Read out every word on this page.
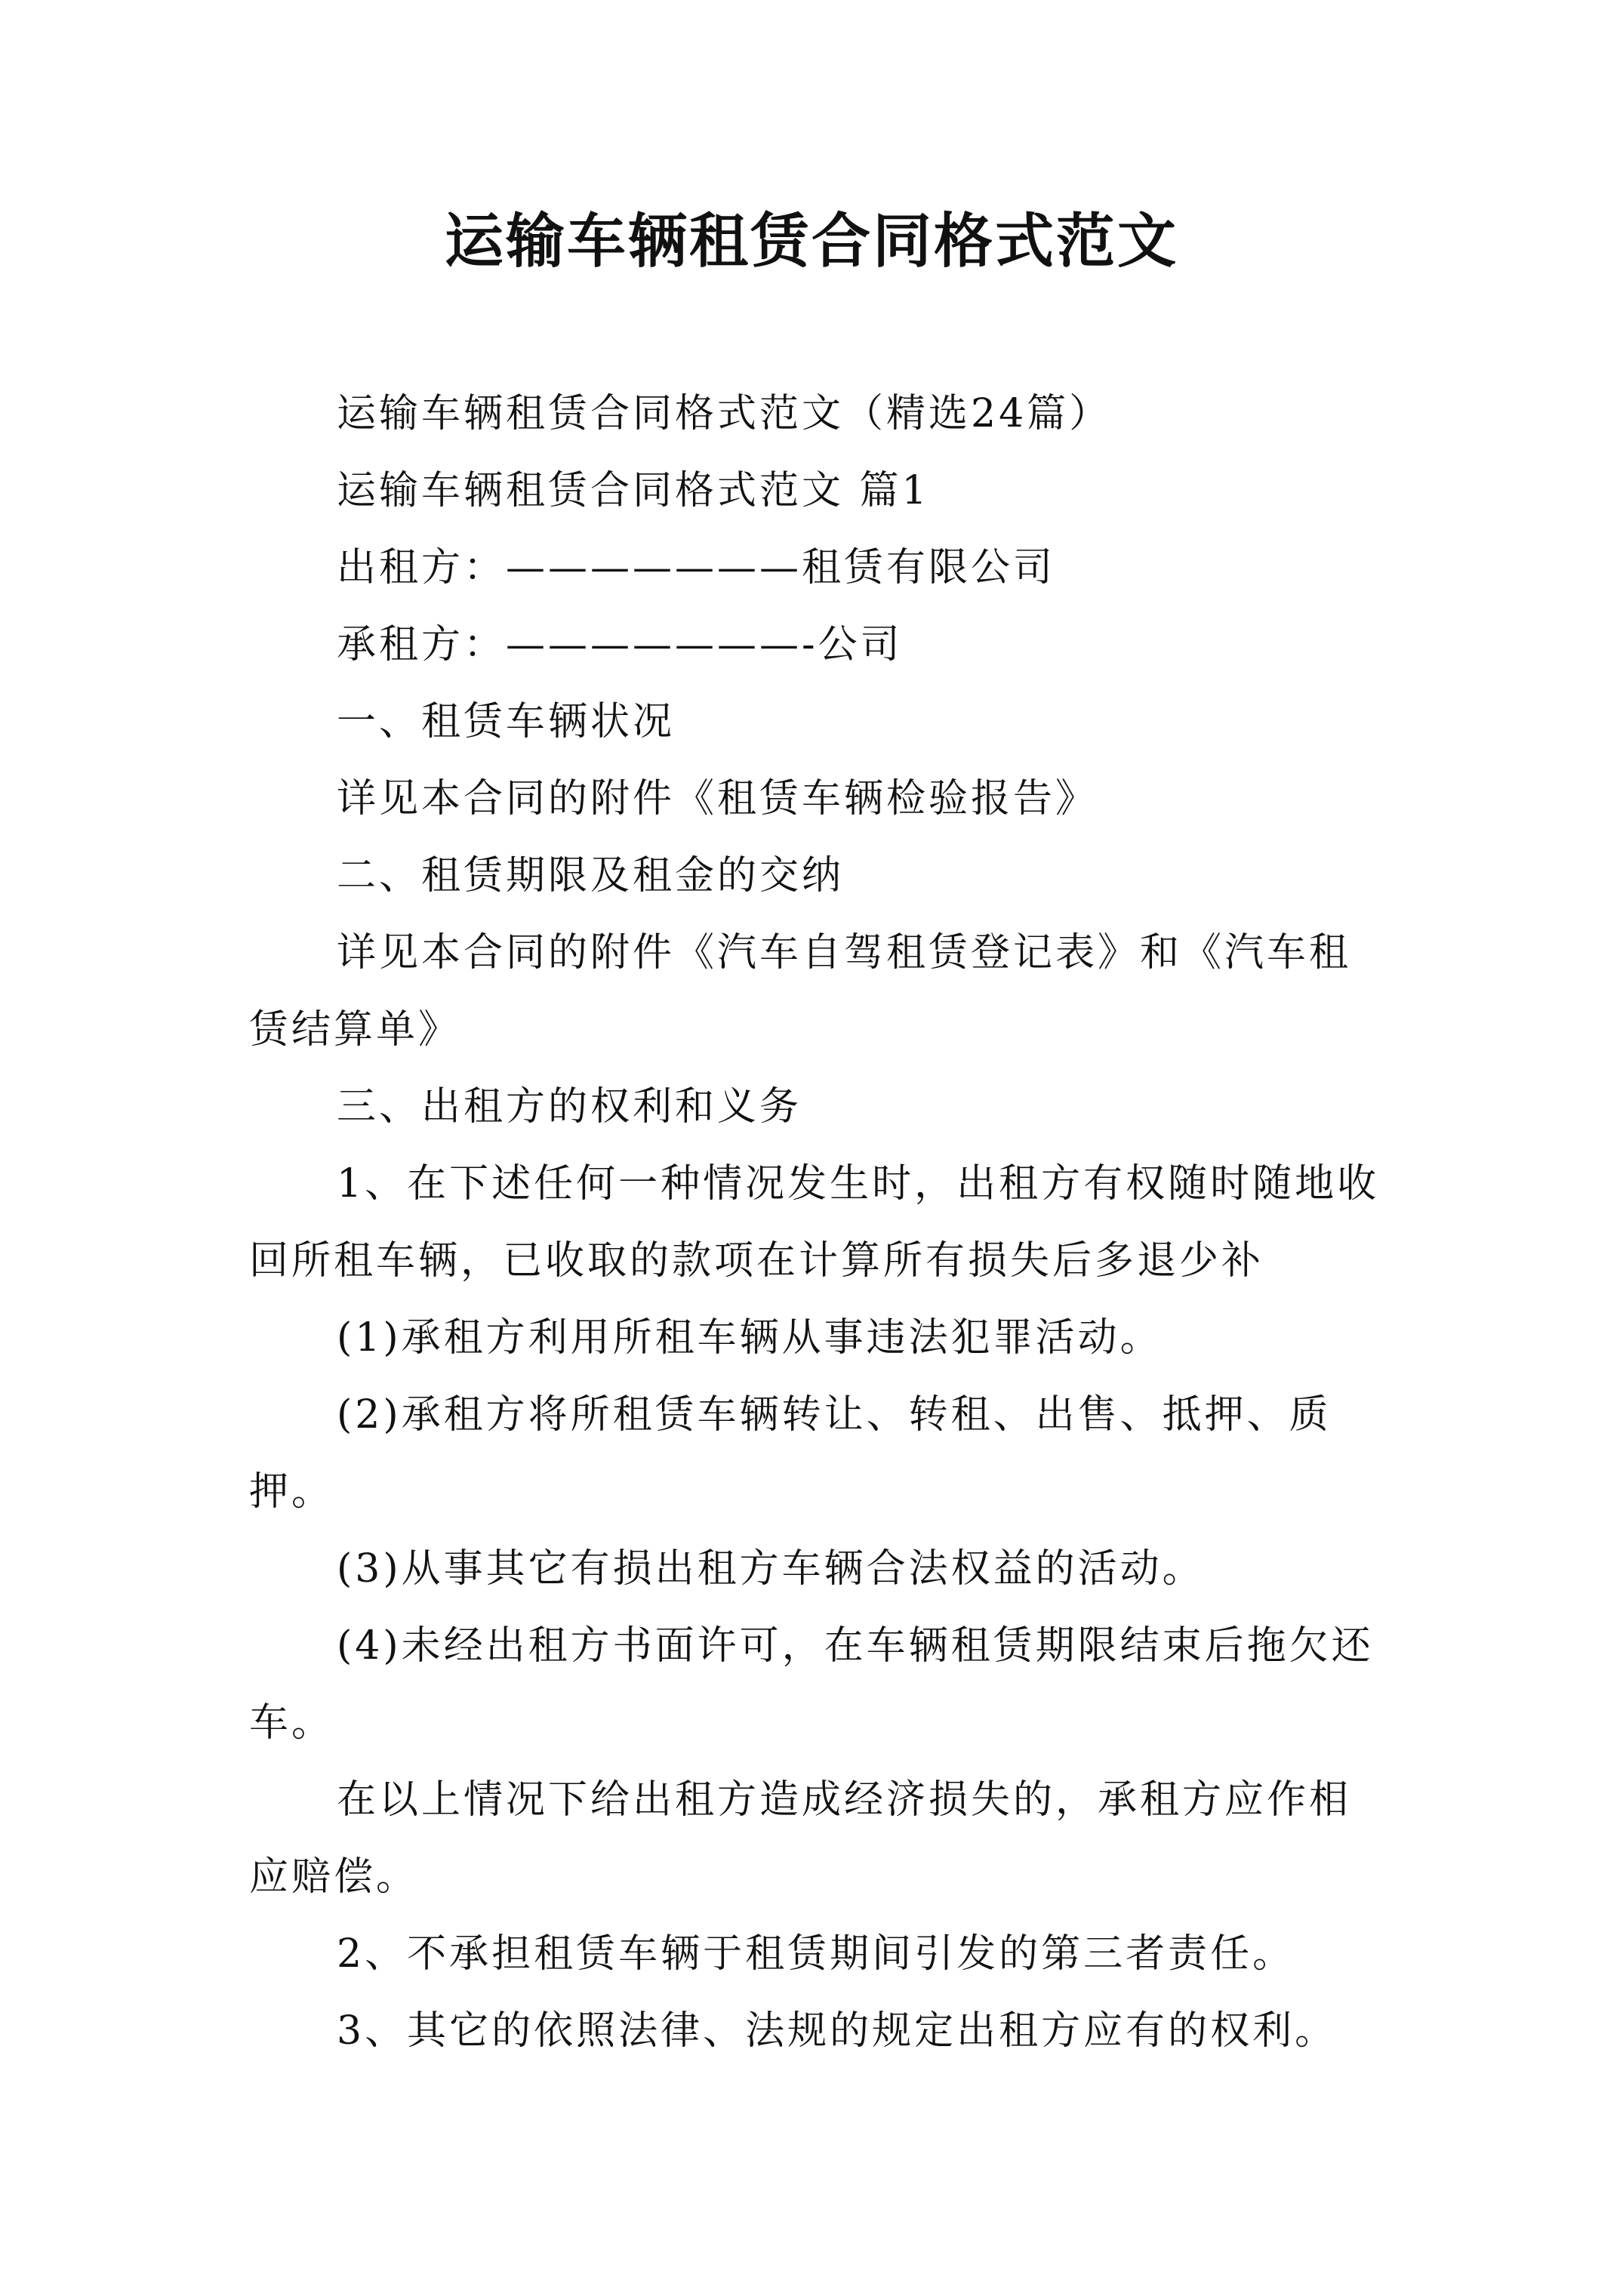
运输车辆租赁合同格式范文

运输车辆租赁合同格式范文（精选24篇）

运输车辆租赁合同格式范文 篇1

出租方：———————租赁有限公司

承租方：———————-公司

一、租赁车辆状况

详见本合同的附件《租赁车辆检验报告》

二、租赁期限及租金的交纳

详见本合同的附件《汽车自驾租赁登记表》和《汽车租赁结算单》

三、出租方的权利和义务

1、在下述任何一种情况发生时，出租方有权随时随地收回所租车辆，已收取的款项在计算所有损失后多退少补

(1)承租方利用所租车辆从事违法犯罪活动。

(2)承租方将所租赁车辆转让、转租、出售、抵押、质押。

(3)从事其它有损出租方车辆合法权益的活动。

(4)未经出租方书面许可，在车辆租赁期限结束后拖欠还车。

在以上情况下给出租方造成经济损失的，承租方应作相应赔偿。

2、不承担租赁车辆于租赁期间引发的第三者责任。

3、其它的依照法律、法规的规定出租方应有的权利。
